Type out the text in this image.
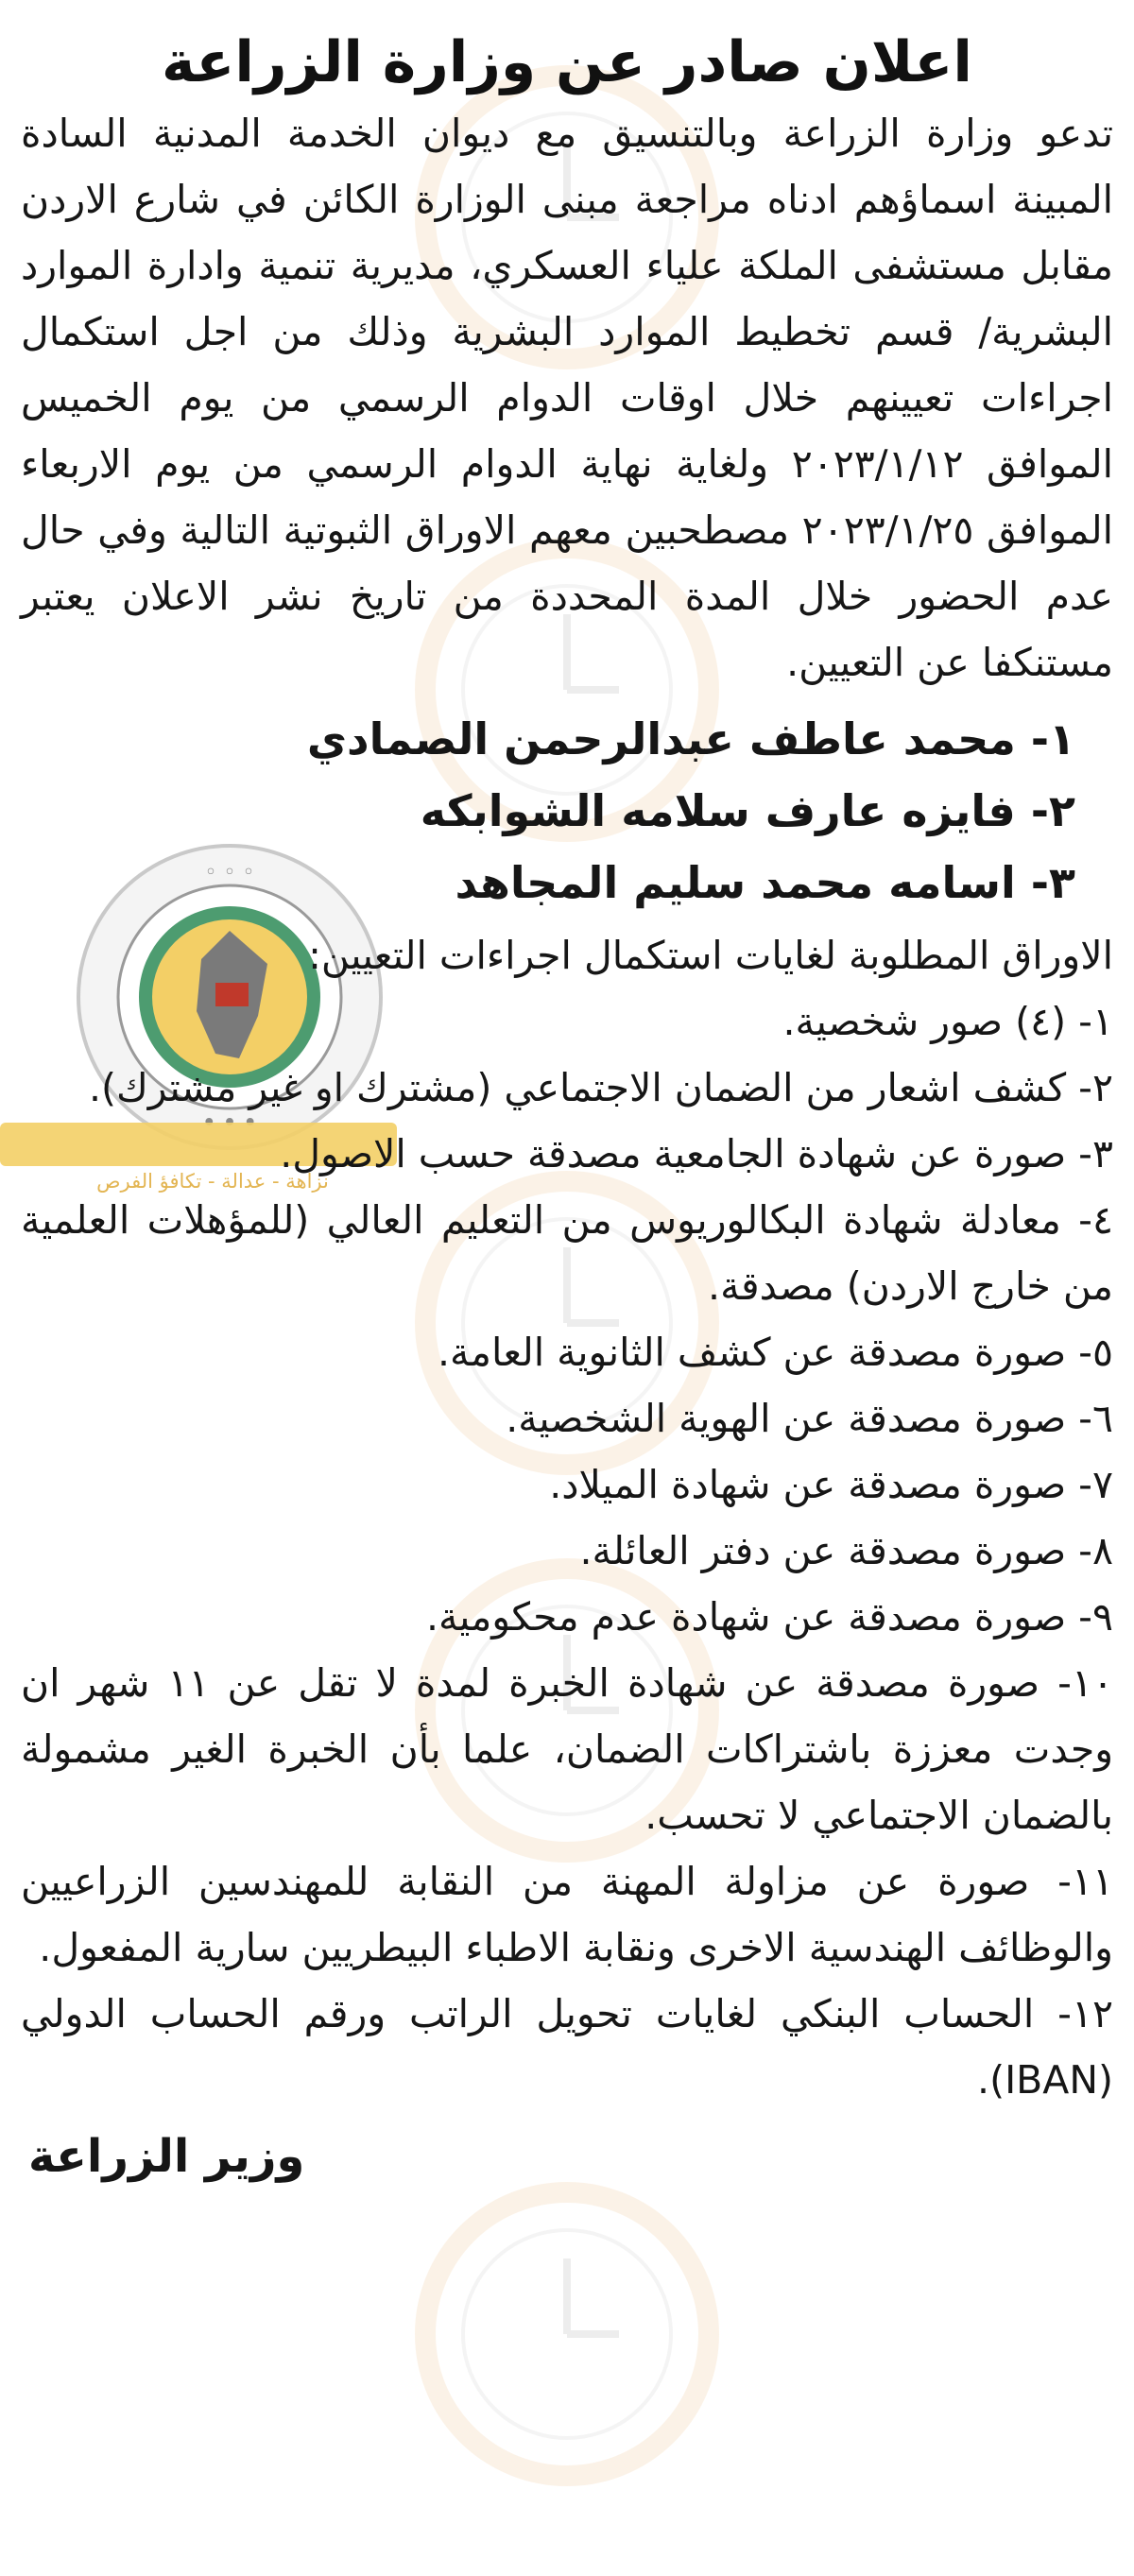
◦ ◦ ◦
نزاهة - عدالة - تكافؤ الفرص
اعلان صادر عن وزارة الزراعة

تدعو وزارة الزراعة وبالتنسيق مع ديوان الخدمة المدنية السادة المبينة اسماؤهم ادناه مراجعة مبنى الوزارة الكائن في شارع الاردن مقابل مستشفى الملكة علياء العسكري، مديرية تنمية وادارة الموارد البشرية/ قسم تخطيط الموارد البشرية وذلك من اجل استكمال اجراءات تعيينهم خلال اوقات الدوام الرسمي من يوم الخميس الموافق ٢٠٢٣/١/١٢ ولغاية نهاية الدوام الرسمي من يوم الاربعاء الموافق ٢٠٢٣/١/٢٥ مصطحبين معهم الاوراق الثبوتية التالية وفي حال عدم الحضور خلال المدة المحددة من تاريخ نشر الاعلان يعتبر مستنكفا عن التعيين.

١- محمد عاطف عبدالرحمن الصمادي
٢- فايزه عارف سلامه الشوابكه
٣- اسامه محمد سليم المجاهد

الاوراق المطلوبة لغايات استكمال اجراءات التعيين:

١- (٤) صور شخصية.
٢- كشف اشعار من الضمان الاجتماعي (مشترك او غير مشترك).
٣- صورة عن شهادة الجامعية مصدقة حسب الاصول.
٤- معادلة شهادة البكالوريوس من التعليم العالي (للمؤهلات العلمية من خارج الاردن) مصدقة.
٥- صورة مصدقة عن كشف الثانوية العامة.
٦- صورة مصدقة عن الهوية الشخصية.
٧- صورة مصدقة عن شهادة الميلاد.
٨- صورة مصدقة عن دفتر العائلة.
٩- صورة مصدقة عن شهادة عدم محكومية.
١٠- صورة مصدقة عن شهادة الخبرة لمدة لا تقل عن ١١ شهر ان وجدت معززة باشتراكات الضمان، علما بأن الخبرة الغير مشمولة بالضمان الاجتماعي لا تحسب.
١١- صورة عن مزاولة المهنة من النقابة للمهندسين الزراعيين والوظائف الهندسية الاخرى ونقابة الاطباء البيطريين سارية المفعول.
١٢- الحساب البنكي لغايات تحويل الراتب ورقم الحساب الدولي (IBAN).
وزير الزراعة
